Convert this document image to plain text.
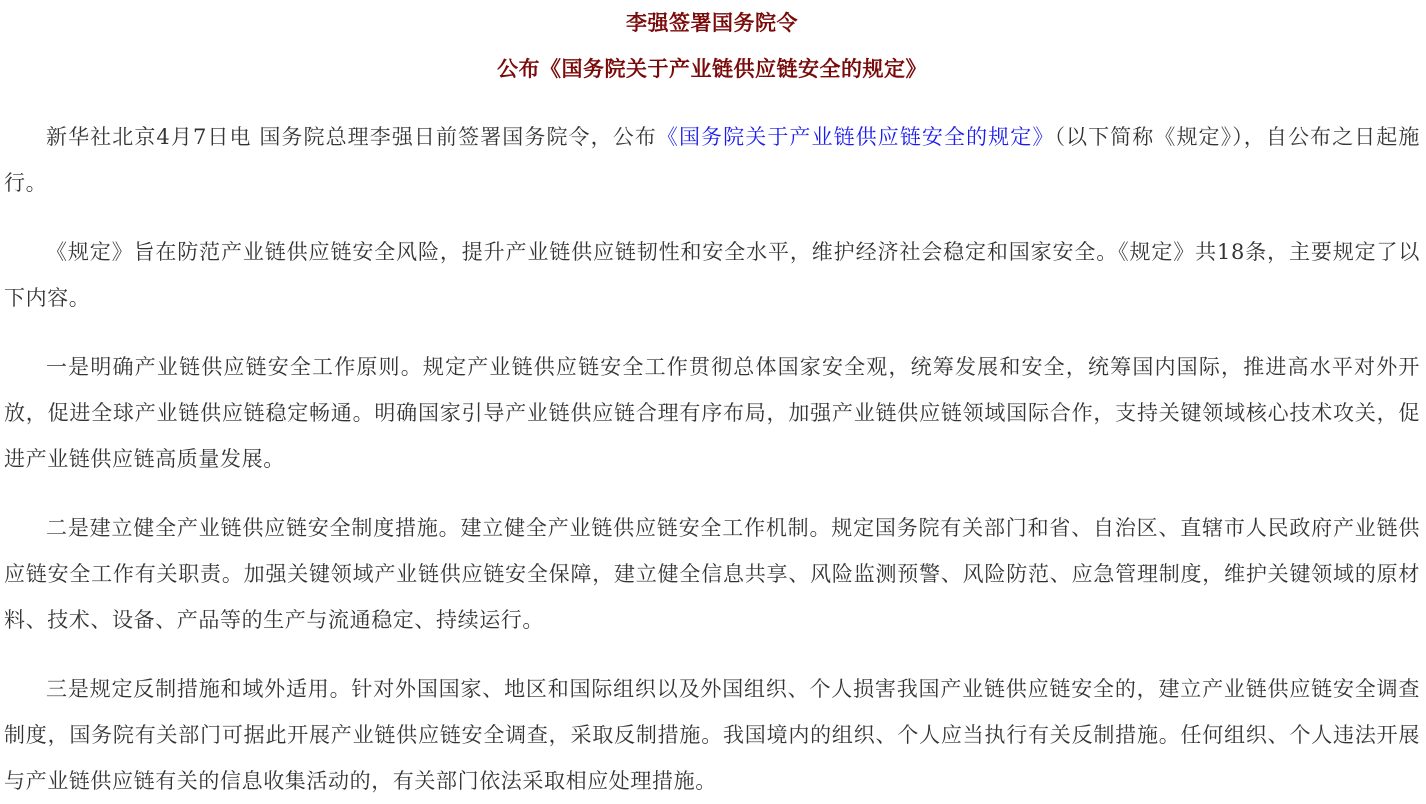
李强签署国务院令
公布《国务院关于产业链供应链安全的规定》

新华社北京4月7日电 国务院总理李强日前签署国务院令，公布《国务院关于产业链供应链安全的规定》（以下简称《规定》），自公布之日起施行。

《规定》旨在防范产业链供应链安全风险，提升产业链供应链韧性和安全水平，维护经济社会稳定和国家安全。《规定》共18条，主要规定了以下内容。

一是明确产业链供应链安全工作原则。规定产业链供应链安全工作贯彻总体国家安全观，统筹发展和安全，统筹国内国际，推进高水平对外开放，促进全球产业链供应链稳定畅通。明确国家引导产业链供应链合理有序布局，加强产业链供应链领域国际合作，支持关键领域核心技术攻关，促进产业链供应链高质量发展。

二是建立健全产业链供应链安全制度措施。建立健全产业链供应链安全工作机制。规定国务院有关部门和省、自治区、直辖市人民政府产业链供应链安全工作有关职责。加强关键领域产业链供应链安全保障，建立健全信息共享、风险监测预警、风险防范、应急管理制度，维护关键领域的原材料、技术、设备、产品等的生产与流通稳定、持续运行。

三是规定反制措施和域外适用。针对外国国家、地区和国际组织以及外国组织、个人损害我国产业链供应链安全的，建立产业链供应链安全调查制度，国务院有关部门可据此开展产业链供应链安全调查，采取反制措施。我国境内的组织、个人应当执行有关反制措施。任何组织、个人违法开展与产业链供应链有关的信息收集活动的，有关部门依法采取相应处理措施。
